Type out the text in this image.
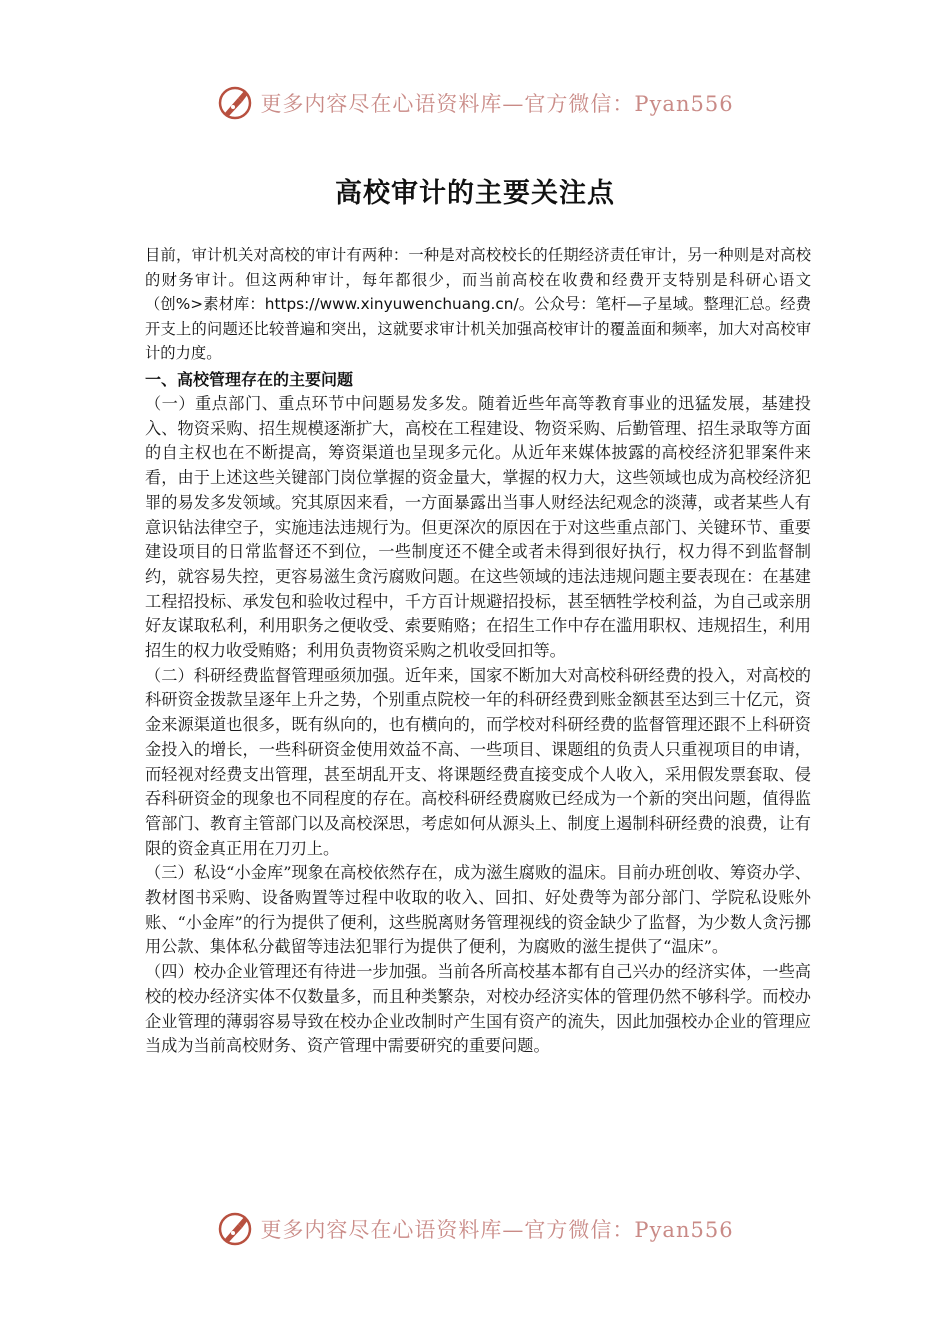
更多内容尽在心语资料库—官方微信：Pyan556
高校审计的主要关注点

目前，审计机关对高校的审计有两种：一种是对高校校长的任期经济责任审计，另一种则是对高校的财务审计。但这两种审计，每年都很少，而当前高校在收费和经费开支特别是科研心语文（创%>素材库：https://www.xinyuwenchuang.cn/。公众号：笔杆—子星域。整理汇总。经费开支上的问题还比较普遍和突出，这就要求审计机关加强高校审计的覆盖面和频率，加大对高校审计的力度。

一、高校管理存在的主要问题

（一）重点部门、重点环节中问题易发多发。随着近些年高等教育事业的迅猛发展，基建投入、物资采购、招生规模逐渐扩大，高校在工程建设、物资采购、后勤管理、招生录取等方面的自主权也在不断提高，筹资渠道也呈现多元化。从近年来媒体披露的高校经济犯罪案件来看，由于上述这些关键部门岗位掌握的资金量大，掌握的权力大，这些领域也成为高校经济犯罪的易发多发领域。究其原因来看，一方面暴露出当事人财经法纪观念的淡薄，或者某些人有意识钻法律空子，实施违法违规行为。但更深次的原因在于对这些重点部门、关键环节、重要建设项目的日常监督还不到位，一些制度还不健全或者未得到很好执行，权力得不到监督制约，就容易失控，更容易滋生贪污腐败问题。在这些领域的违法违规问题主要表现在：在基建工程招投标、承发包和验收过程中，千方百计规避招投标，甚至牺牲学校利益，为自己或亲朋好友谋取私利，利用职务之便收受、索要贿赂；在招生工作中存在滥用职权、违规招生，利用招生的权力收受贿赂；利用负责物资采购之机收受回扣等。

（二）科研经费监督管理亟须加强。近年来，国家不断加大对高校科研经费的投入，对高校的科研资金拨款呈逐年上升之势，个别重点院校一年的科研经费到账金额甚至达到三十亿元，资金来源渠道也很多，既有纵向的，也有横向的，而学校对科研经费的监督管理还跟不上科研资金投入的增长，一些科研资金使用效益不高、一些项目、课题组的负责人只重视项目的申请，而轻视对经费支出管理，甚至胡乱开支、将课题经费直接变成个人收入，采用假发票套取、侵吞科研资金的现象也不同程度的存在。高校科研经费腐败已经成为一个新的突出问题，值得监管部门、教育主管部门以及高校深思，考虑如何从源头上、制度上遏制科研经费的浪费，让有限的资金真正用在刀刃上。

（三）私设“小金库”现象在高校依然存在，成为滋生腐败的温床。目前办班创收、筹资办学、教材图书采购、设备购置等过程中收取的收入、回扣、好处费等为部分部门、学院私设账外账、“小金库”的行为提供了便利，这些脱离财务管理视线的资金缺少了监督，为少数人贪污挪用公款、集体私分截留等违法犯罪行为提供了便利，为腐败的滋生提供了“温床”。

（四）校办企业管理还有待进一步加强。当前各所高校基本都有自己兴办的经济实体，一些高校的校办经济实体不仅数量多，而且种类繁杂，对校办经济实体的管理仍然不够科学。而校办企业管理的薄弱容易导致在校办企业改制时产生国有资产的流失，因此加强校办企业的管理应当成为当前高校财务、资产管理中需要研究的重要问题。

更多内容尽在心语资料库—官方微信：Pyan556
